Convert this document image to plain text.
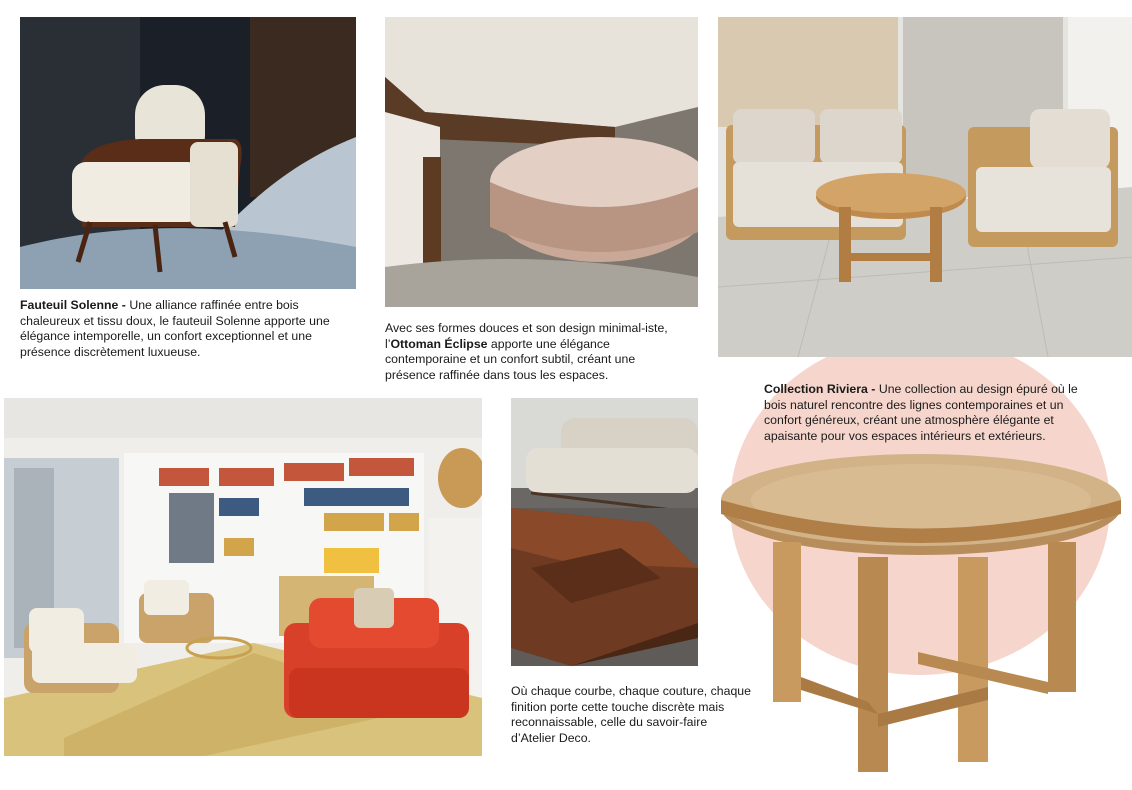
Fauteuil Solenne - Une alliance raffinée entre bois chaleureux et tissu doux, le fauteuil Solenne apporte une élégance intemporelle, un confort exceptionnel et une présence discrètement luxueuse.

Avec ses formes douces et son design minimal-iste, l’Ottoman Éclipse apporte une élégance contemporaine et un confort subtil, créant une présence raffinée dans tous les espaces.

Collection Riviera - Une collection au design épuré où le bois naturel rencontre des lignes contemporaines et un confort généreux, créant une atmosphère élégante et apaisante pour vos espaces intérieurs et extérieurs.

Où chaque courbe, chaque couture, chaque finition porte cette touche discrète mais reconnaissable, celle du savoir-faire d’Atelier Deco.
